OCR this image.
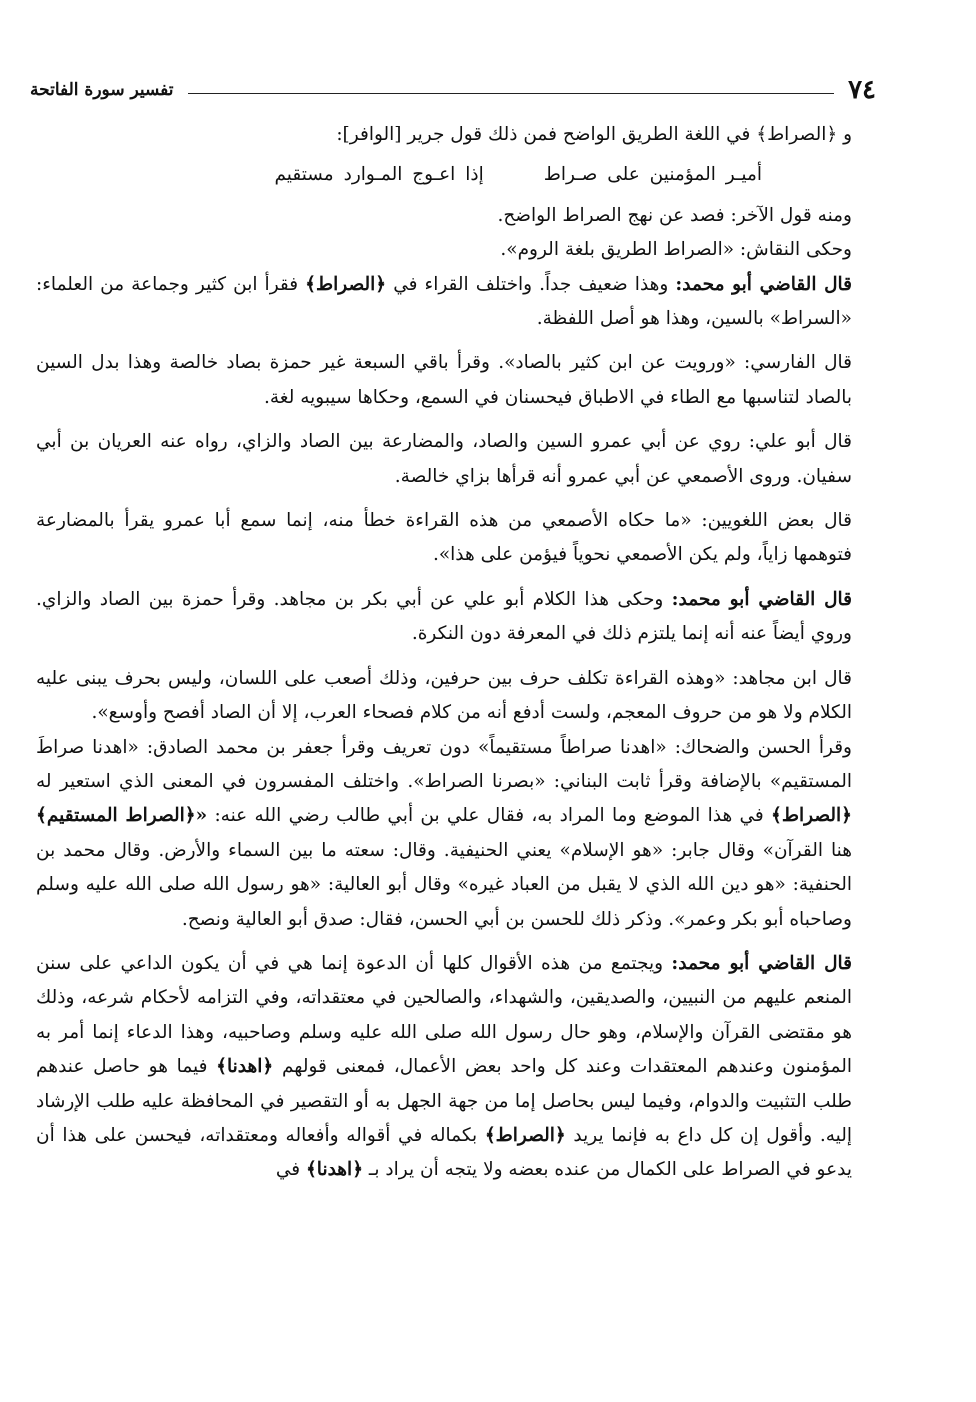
تفسير سورة الفاتحة	٧٤

و ﴿الصراط﴾ في اللغة الطريق الواضح فمن ذلك قول جرير [الوافر]:

أميـر المؤمنين على صـراط
إذا اعـوج المـوارد مستقيم

ومنه قول الآخر: فصد عن نهج الصراط الواضح.

وحكى النقاش: «الصراط الطريق بلغة الروم».

قال القاضي أبو محمد: وهذا ضعيف جداً. واختلف القراء في ﴿الصراط﴾ فقرأ ابن كثير وجماعة من العلماء: «السراط» بالسين، وهذا هو أصل اللفظة.

قال الفارسي: «ورويت عن ابن كثير بالصاد». وقرأ باقي السبعة غير حمزة بصاد خالصة وهذا بدل السين بالصاد لتناسبها مع الطاء في الاطباق فيحسنان في السمع، وحكاها سيبويه لغة.

قال أبو علي: روي عن أبي عمرو السين والصاد، والمضارعة بين الصاد والزاي، رواه عنه العريان بن أبي سفيان. وروى الأصمعي عن أبي عمرو أنه قرأها بزاي خالصة.

قال بعض اللغويين: «ما حكاه الأصمعي من هذه القراءة خطأ منه، إنما سمع أبا عمرو يقرأ بالمضارعة فتوهمها زاياً، ولم يكن الأصمعي نحوياً فيؤمن على هذا».

قال القاضي أبو محمد: وحكى هذا الكلام أبو علي عن أبي بكر بن مجاهد. وقرأ حمزة بين الصاد والزاي. وروي أيضاً عنه أنه إنما يلتزم ذلك في المعرفة دون النكرة.

قال ابن مجاهد: «وهذه القراءة تكلف حرف بين حرفين، وذلك أصعب على اللسان، وليس بحرف يبنى عليه الكلام ولا هو من حروف المعجم، ولست أدفع أنه من كلام فصحاء العرب، إلا أن الصاد أفصح وأوسع».

وقرأ الحسن والضحاك: «اهدنا صراطاً مستقيماً» دون تعريف وقرأ جعفر بن محمد الصادق: «اهدنا صراطَ المستقيم» بالإضافة وقرأ ثابت البناني: «بصرنا الصراط». واختلف المفسرون في المعنى الذي استعير له ﴿الصراط﴾ في هذا الموضع وما المراد به، فقال علي بن أبي طالب رضي الله عنه: «﴿الصراط المستقيم﴾ هنا القرآن» وقال جابر: «هو الإسلام» يعني الحنيفية. وقال: سعته ما بين السماء والأرض. وقال محمد بن الحنفية: «هو دين الله الذي لا يقبل من العباد غيره» وقال أبو العالية: «هو رسول الله صلى الله عليه وسلم وصاحباه أبو بكر وعمر». وذكر ذلك للحسن بن أبي الحسن، فقال: صدق أبو العالية ونصح.

قال القاضي أبو محمد: ويجتمع من هذه الأقوال كلها أن الدعوة إنما هي في أن يكون الداعي على سنن المنعم عليهم من النبيين، والصديقين، والشهداء، والصالحين في معتقداته، وفي التزامه لأحكام شرعه، وذلك هو مقتضى القرآن والإسلام، وهو حال رسول الله صلى الله عليه وسلم وصاحبيه، وهذا الدعاء إنما أمر به المؤمنون وعندهم المعتقدات وعند كل واحد بعض الأعمال، فمعنى قولهم ﴿اهدنا﴾ فيما هو حاصل عندهم طلب التثبيت والدوام، وفيما ليس بحاصل إما من جهة الجهل به أو التقصير في المحافظة عليه طلب الإرشاد إليه. وأقول إن كل داع به فإنما يريد ﴿الصراط﴾ بكماله في أقواله وأفعاله ومعتقداته، فيحسن على هذا أن يدعو في الصراط على الكمال من عنده بعضه ولا يتجه أن يراد بـ ﴿اهدنا﴾ في
